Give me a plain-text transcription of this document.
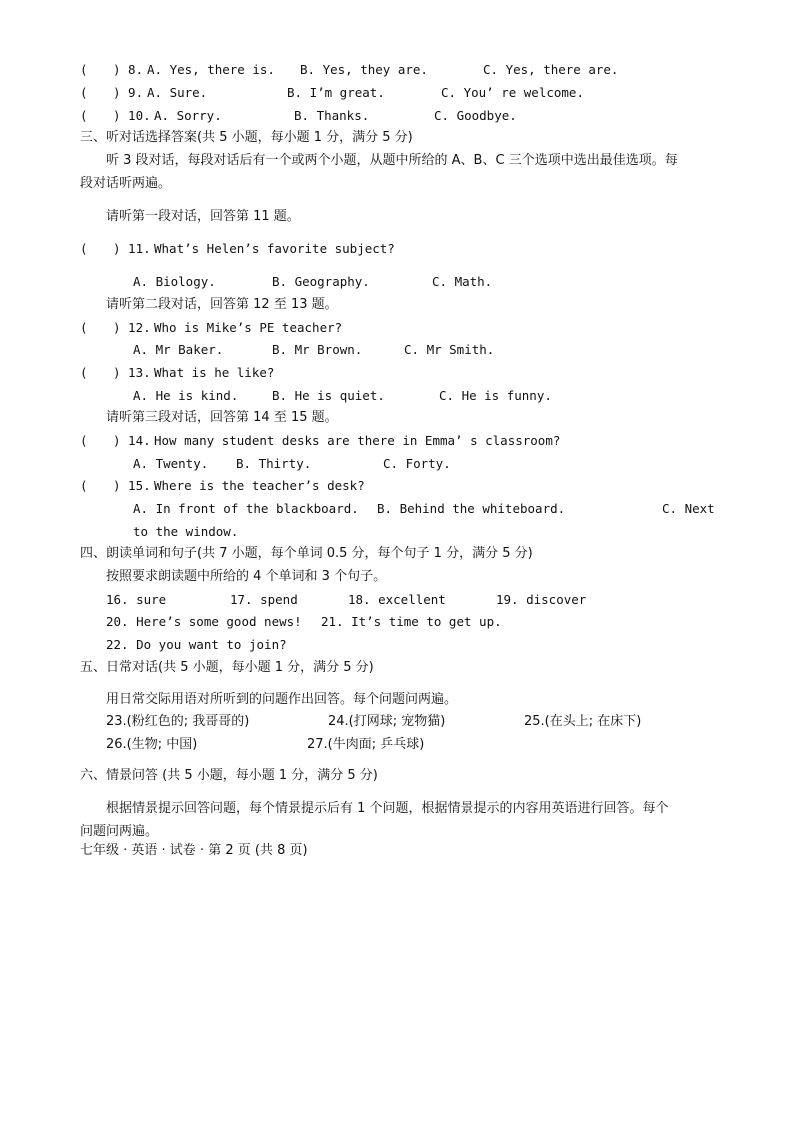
(
) 8. A. Yes, there is. B. Yes, they are.	C. Yes, there are.
(
) 9. A. Sure.	B. I’m great.	C. You’ re welcome.
(
) 10. A. Sorry.	B. Thanks.	C. Goodbye.
三、听对话选择答案(共 5 小题，每小题 1 分，满分 5 分)
听 3 段对话，每段对话后有一个或两个小题，从题中所给的 A、B、C 三个选项中选出最佳选项。每
段对话听两遍。
请听第一段对话，回答第 11 题。
(
) 11. What’s Helen’s favorite subject?
A. Biology.	B. Geography.	C. Math.
请听第二段对话，回答第 12 至 13 题。
(
) 12. Who is Mike’s PE teacher?
A. Mr Baker.	B. Mr Brown.	C. Mr Smith.
(
) 13. What is he like?
A. He is kind.	B. He is quiet.	C. He is funny.
请听第三段对话，回答第 14 至 15 题。
(
) 14. How many student desks are there in Emma’ s classroom?
A. Twenty. B. Thirty.	C. Forty.
(
) 15. Where is the teacher’s desk?
A. In front of the blackboard. B. Behind the whiteboard.	C. Next
to the window.
四、朗读单词和句子(共 7 小题，每个单词 0.5 分，每个句子 1 分，满分 5 分)
按照要求朗读题中所给的 4 个单词和 3 个句子。
16. sure	17. spend	18. excellent	19. discover
20. Here’s some good news! 21. It’s time to get up.
22. Do you want to join?
五、日常对话(共 5 小题，每小题 1 分，满分 5 分)
用日常交际用语对所听到的问题作出回答。每个问题问两遍。
23.(粉红色的; 我哥哥的)	24.(打网球; 宠物猫)	25.(在头上; 在床下)
26.(生物; 中国)	27.(牛肉面; 乒乓球)
六、情景问答 (共 5 小题，每小题 1 分，满分 5 分)
根据情景提示回答问题，每个情景提示后有 1 个问题，根据情景提示的内容用英语进行回答。每个
问题问两遍。
七年级 · 英语 · 试卷 · 第 2 页 (共 8 页)
